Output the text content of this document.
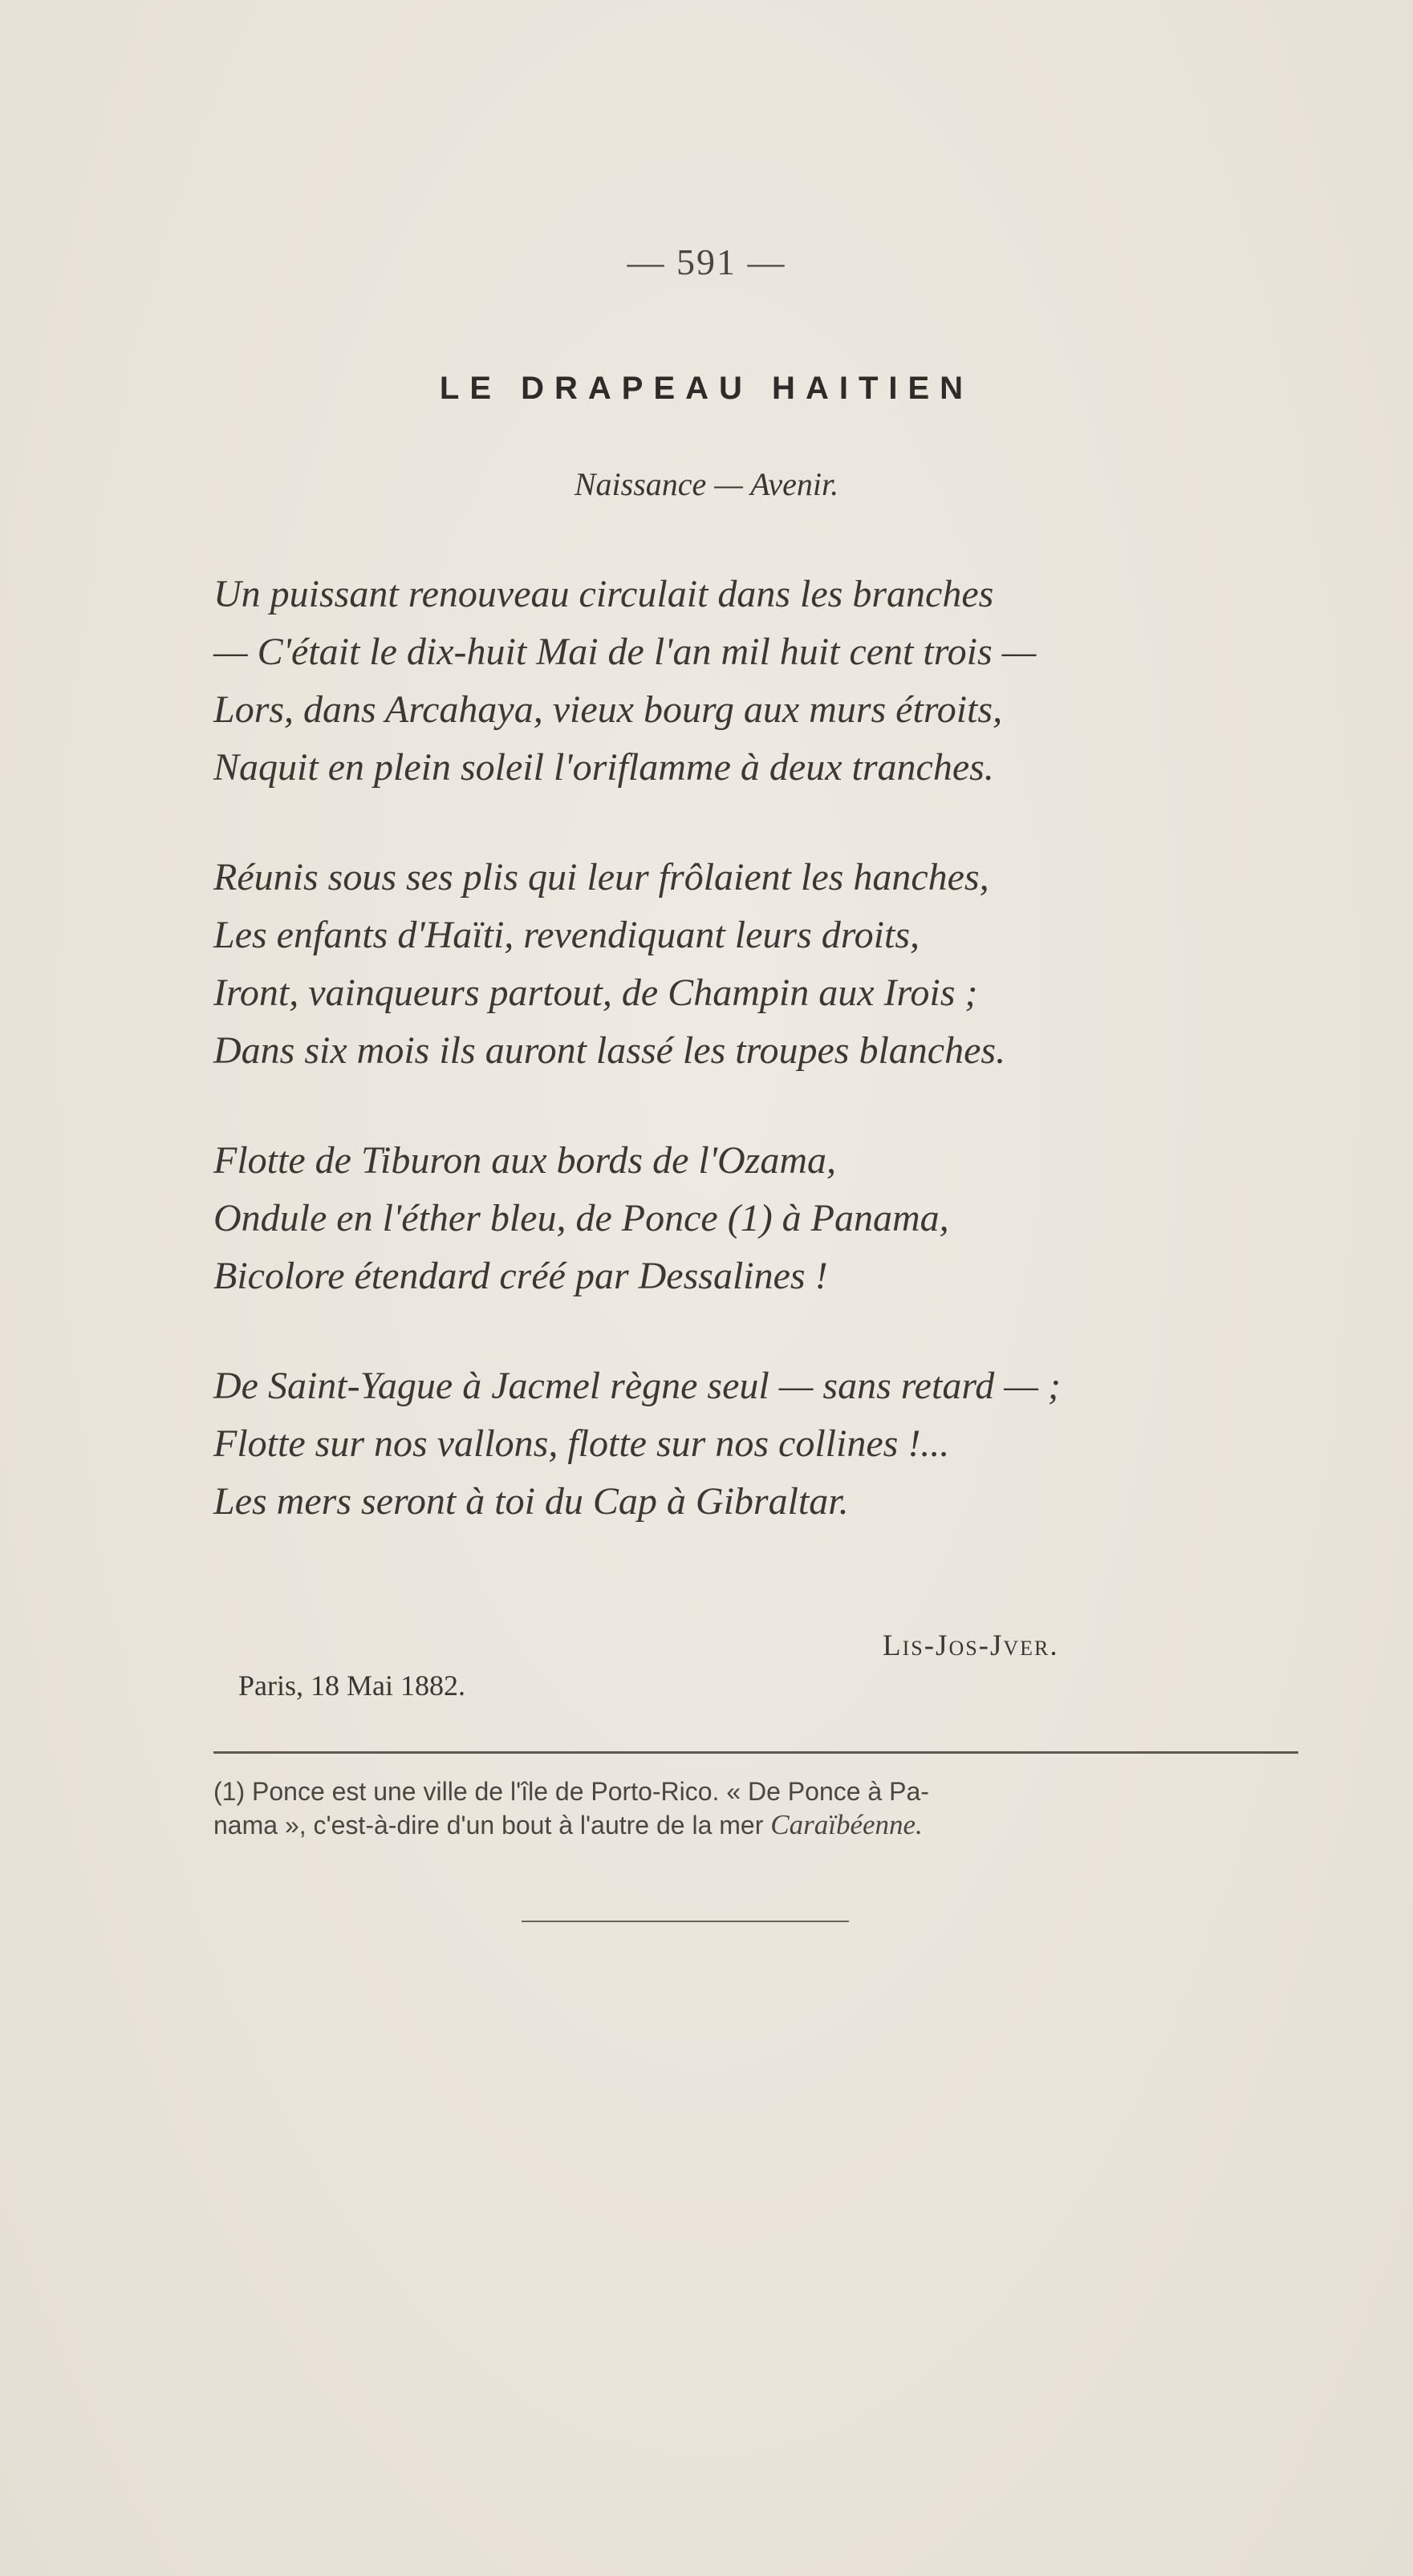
— 591 —
LE DRAPEAU HAITIEN
Naissance — Avenir.
Un puissant renouveau circulait dans les branches
— C'était le dix-huit Mai de l'an mil huit cent trois —
Lors, dans Arcahaya, vieux bourg aux murs étroits,
Naquit en plein soleil l'oriflamme à deux tranches.
Réunis sous ses plis qui leur frôlaient les hanches,
Les enfants d'Haïti, revendiquant leurs droits,
Iront, vainqueurs partout, de Champin aux Irois ;
Dans six mois ils auront lassé les troupes blanches.
Flotte de Tiburon aux bords de l'Ozama,
Ondule en l'éther bleu, de Ponce (1) à Panama,
Bicolore étendard créé par Dessalines !
De Saint-Yague à Jacmel règne seul — sans retard — ;
Flotte sur nos vallons, flotte sur nos collines !...
Les mers seront à toi du Cap à Gibraltar.
Lis-Jos-Jver.
Paris, 18 Mai 1882.
(1) Ponce est une ville de l'île de Porto-Rico. « De Ponce à Pa-
nama », c'est-à-dire d'un bout à l'autre de la mer Caraïbéenne.
